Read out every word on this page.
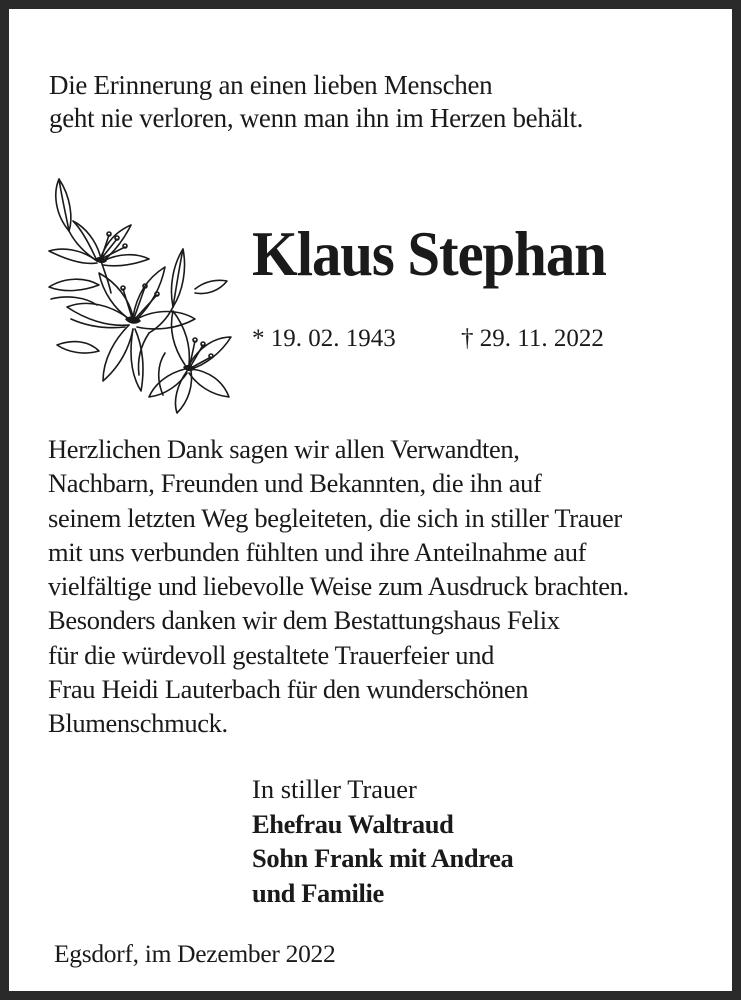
Die Erinnerung an einen lieben Menschen
geht nie verloren, wenn man ihn im Herzen behält.
Klaus Stephan
* 19. 02. 1943	† 29. 11. 2022
Herzlichen Dank sagen wir allen Verwandten,
Nachbarn, Freunden und Bekannten, die ihn auf
seinem letzten Weg begleiteten, die sich in stiller Trauer
mit uns verbunden fühlten und ihre Anteilnahme auf
vielfältige und liebevolle Weise zum Ausdruck brachten.
Besonders danken wir dem Bestattungshaus Felix
für die würdevoll gestaltete Trauerfeier und
Frau Heidi Lauterbach für den wunderschönen
Blumenschmuck.
In stiller Trauer
Ehefrau Waltraud
Sohn Frank mit Andrea
und Familie
Egsdorf, im Dezember 2022
